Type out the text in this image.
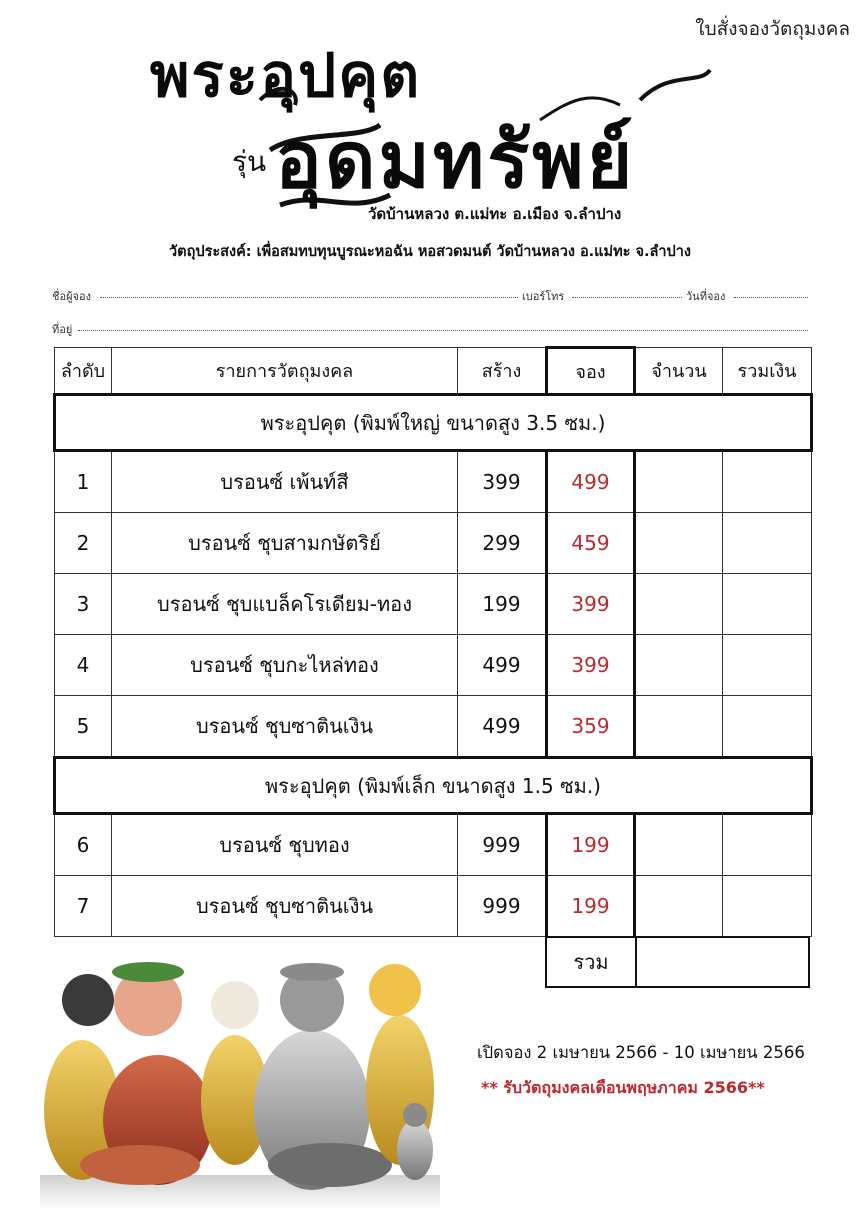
ใบสั่งจองวัตถุมงคล
พระอุปคุต
รุ่น อุดมทรัพย์
วัดบ้านหลวง ต.แม่ทะ อ.เมือง จ.ลำปาง
วัตถุประสงค์: เพื่อสมทบทุนบูรณะหอฉัน หอสวดมนต์ วัดบ้านหลวง อ.แม่ทะ จ.ลำปาง
ชื่อผู้จอง	เบอร์โทร	วันที่จอง
ที่อยู่
ลำดับ	รายการวัตถุมงคล	สร้าง	จอง	จำนวน	รวมเงิน
พระอุปคุต (พิมพ์ใหญ่ ขนาดสูง 3.5 ซม.)					
1	บรอนซ์ เพ้นท์สี	399	499		
2	บรอนซ์ ชุบสามกษัตริย์	299	459		
3	บรอนซ์ ชุบแบล็คโรเดียม-ทอง	199	399		
4	บรอนซ์ ชุบกะไหล่ทอง	499	399		
5	บรอนซ์ ชุบซาตินเงิน	499	359		
พระอุปคุต (พิมพ์เล็ก ขนาดสูง 1.5 ซม.)					
6	บรอนซ์ ชุบทอง	999	199		
7	บรอนซ์ ชุบซาตินเงิน	999	199		
รวม
เปิดจอง 2 เมษายน 2566 - 10 เมษายน 2566
** รับวัตถุมงคลเดือนพฤษภาคม 2566**
